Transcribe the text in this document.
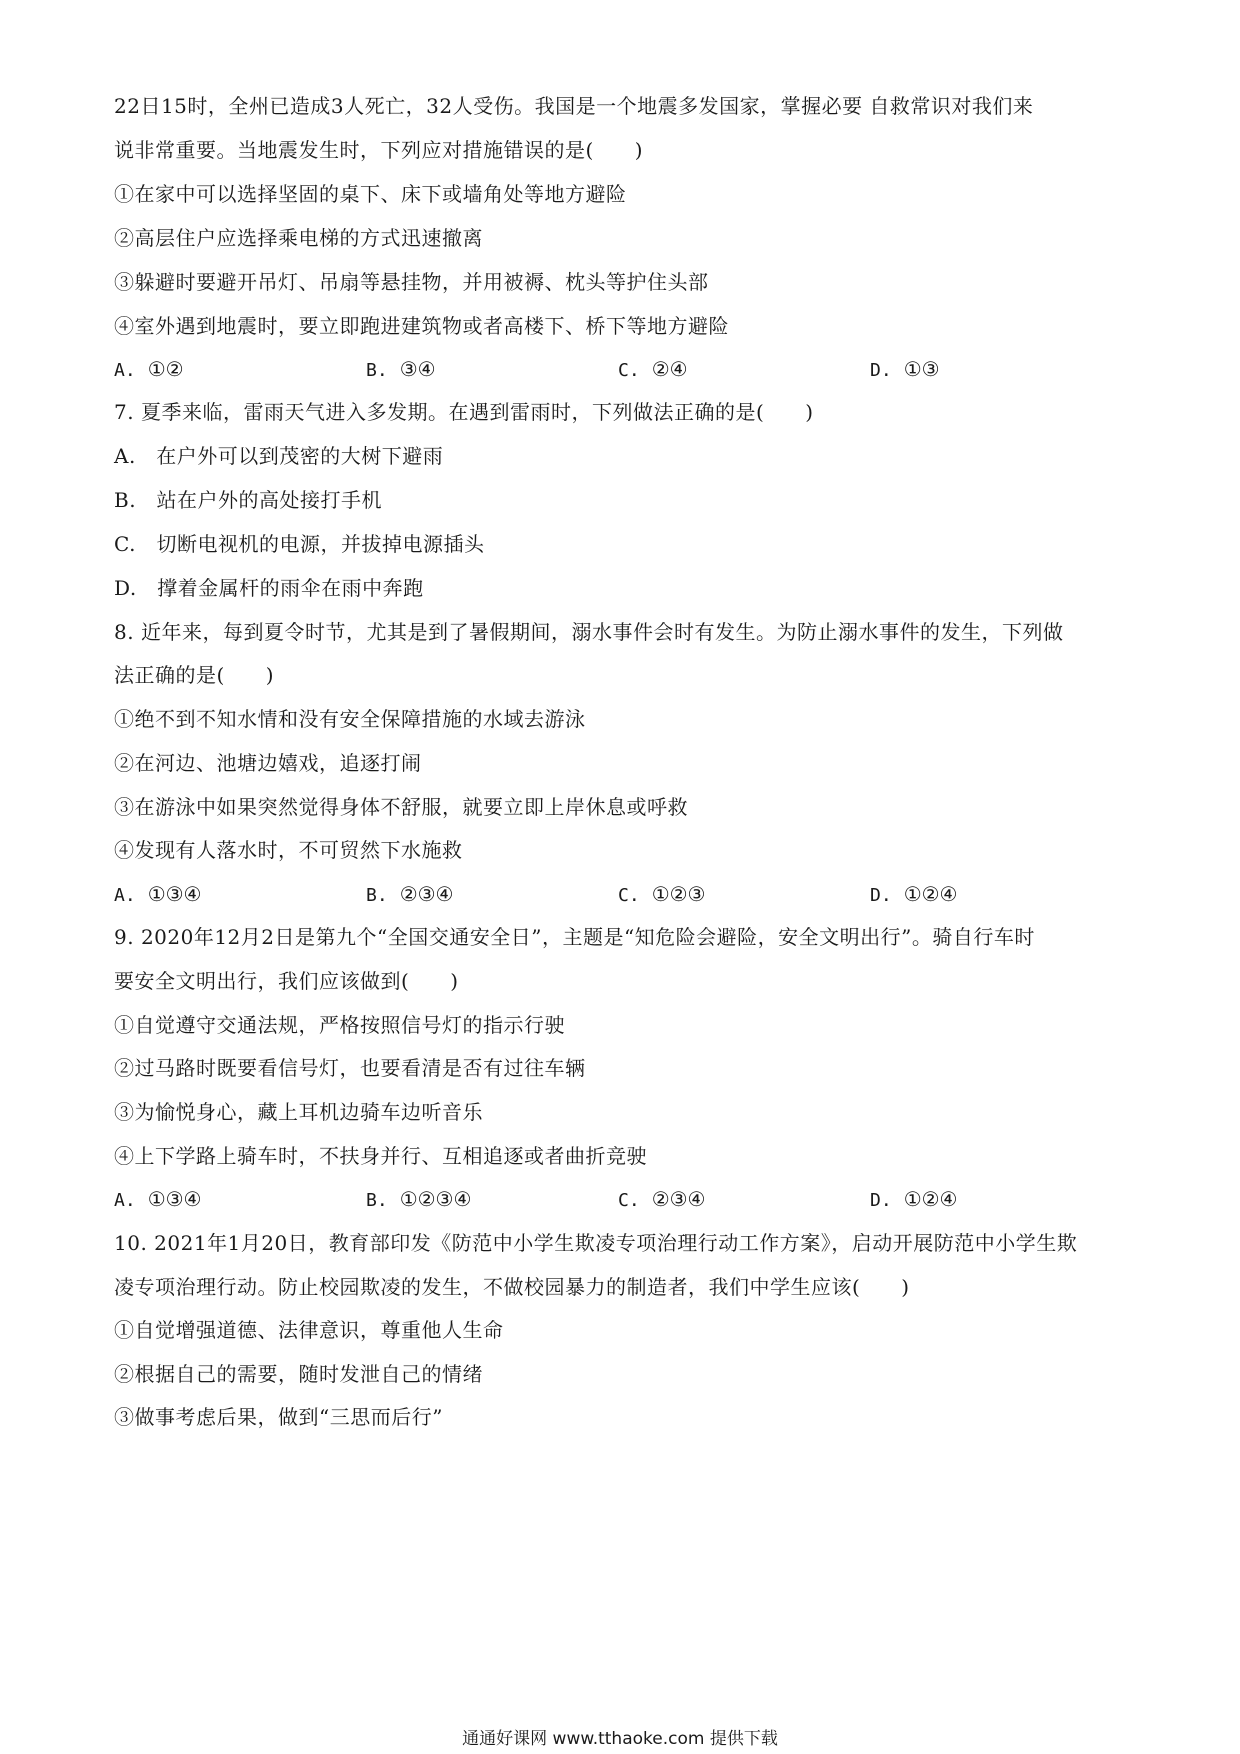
22日15时，全州已造成3人死亡，32人受伤。我国是一个地震多发国家，掌握必要 自救常识对我们来
说非常重要。当地震发生时，下列应对措施错误的是(　　)
①在家中可以选择坚固的桌下、床下或墙角处等地方避险
②高层住户应选择乘电梯的方式迅速撤离
③躲避时要避开吊灯、吊扇等悬挂物，并用被褥、枕头等护住头部
④室外遇到地震时，要立即跑进建筑物或者高楼下、桥下等地方避险
A. ①②	B. ③④	C. ②④	D. ①③
7. 夏季来临，雷雨天气进入多发期。在遇到雷雨时，下列做法正确的是(　　)
A.　在户外可以到茂密的大树下避雨
B.　站在户外的高处接打手机
C.　切断电视机的电源，并拔掉电源插头
D.　撑着金属杆的雨伞在雨中奔跑
8. 近年来，每到夏令时节，尤其是到了暑假期间，溺水事件会时有发生。为防止溺水事件的发生，下列做
法正确的是(　　)
①绝不到不知水情和没有安全保障措施的水域去游泳
②在河边、池塘边嬉戏，追逐打闹
③在游泳中如果突然觉得身体不舒服，就要立即上岸休息或呼救
④发现有人落水时，不可贸然下水施救
A. ①③④	B. ②③④	C. ①②③	D. ①②④
9. 2020年12月2日是第九个“全国交通安全日”，主题是“知危险会避险，安全文明出行”。骑自行车时
要安全文明出行，我们应该做到(　　)
①自觉遵守交通法规，严格按照信号灯的指示行驶
②过马路时既要看信号灯，也要看清是否有过往车辆
③为愉悦身心，藏上耳机边骑车边听音乐
④上下学路上骑车时，不扶身并行、互相追逐或者曲折竞驶
A. ①③④	B. ①②③④	C. ②③④	D. ①②④
10. 2021年1月20日，教育部印发《防范中小学生欺凌专项治理行动工作方案》，启动开展防范中小学生欺
凌专项治理行动。防止校园欺凌的发生，不做校园暴力的制造者，我们中学生应该(　　)
①自觉增强道德、法律意识，尊重他人生命
②根据自己的需要，随时发泄自己的情绪
③做事考虑后果，做到“三思而后行”
通通好课网 www.tthaoke.com 提供下载
